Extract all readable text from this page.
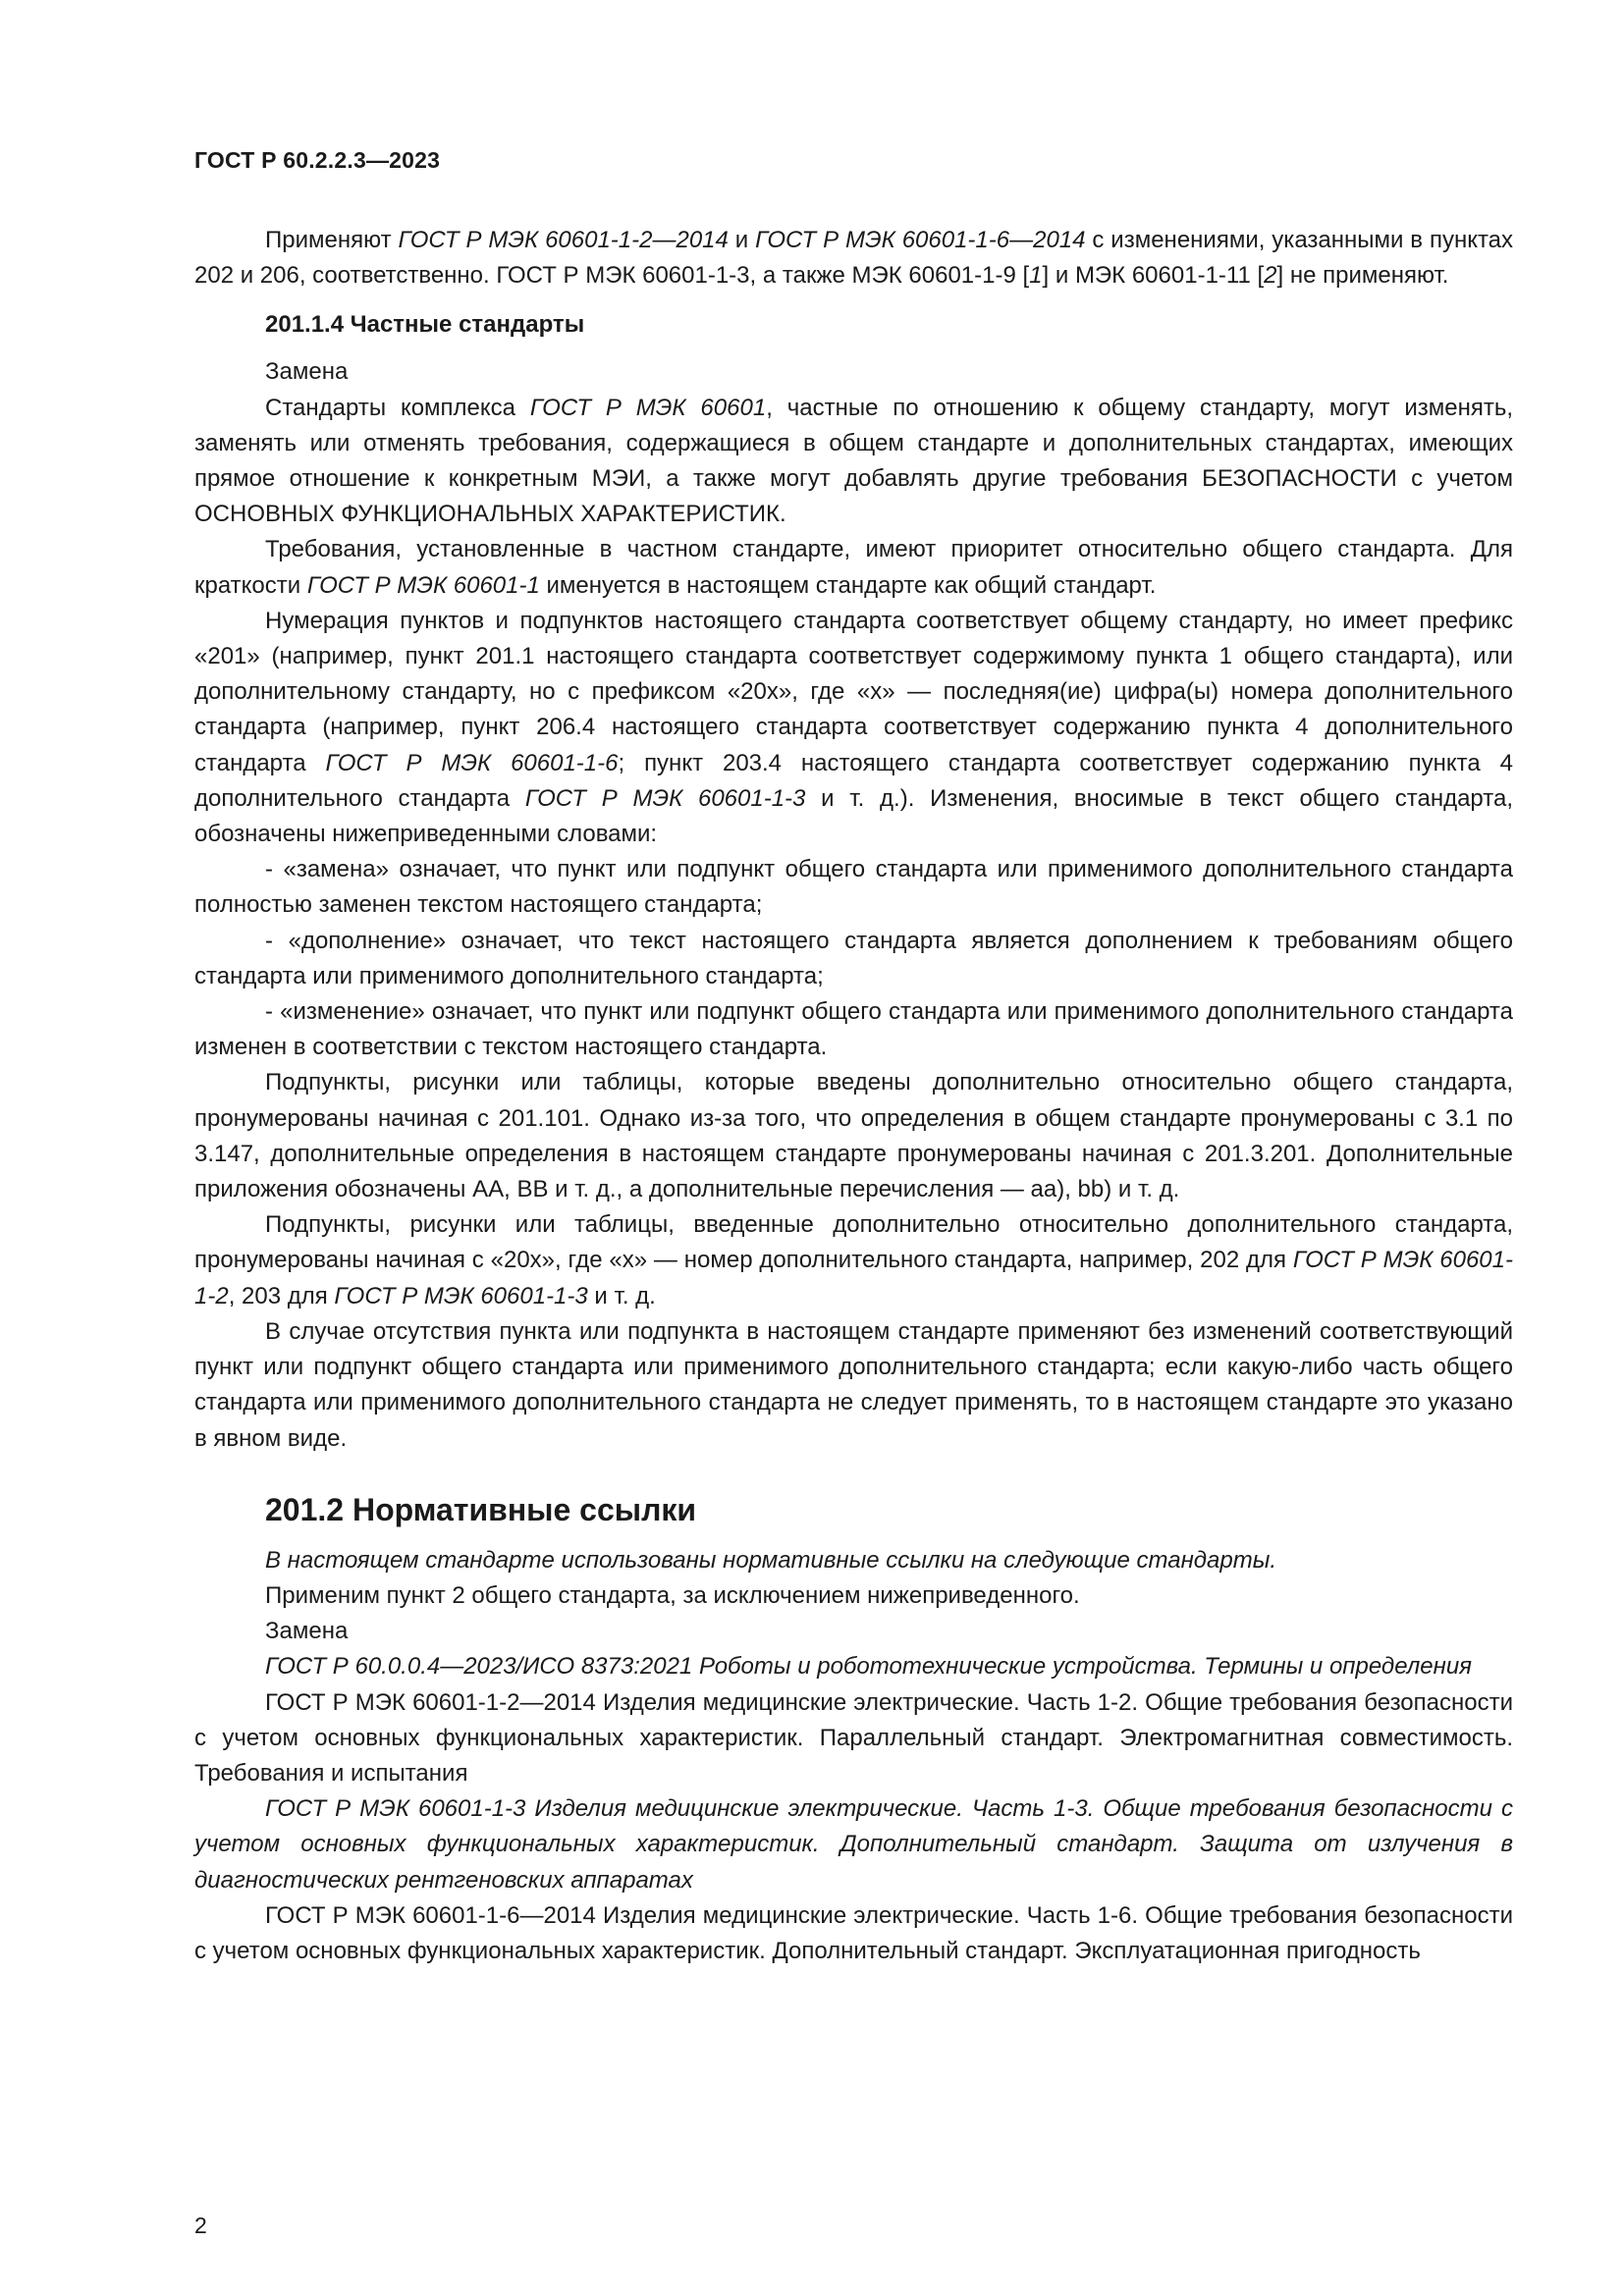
ГОСТ Р 60.2.2.3—2023

Применяют ГОСТ Р МЭК 60601-1-2—2014 и ГОСТ Р МЭК 60601-1-6—2014 с изменениями, указанными в пунктах 202 и 206, соответственно. ГОСТ Р МЭК 60601-1-3, а также МЭК 60601-1-9 [1] и МЭК 60601-1-11 [2] не применяют.

201.1.4 Частные стандарты

Замена

Стандарты комплекса ГОСТ Р МЭК 60601, частные по отношению к общему стандарту, могут изменять, заменять или отменять требования, содержащиеся в общем стандарте и дополнительных стандартах, имеющих прямое отношение к конкретным МЭИ, а также могут добавлять другие требования БЕЗОПАСНОСТИ с учетом ОСНОВНЫХ ФУНКЦИОНАЛЬНЫХ ХАРАКТЕРИСТИК.

Требования, установленные в частном стандарте, имеют приоритет относительно общего стандарта. Для краткости ГОСТ Р МЭК 60601-1 именуется в настоящем стандарте как общий стандарт.

Нумерация пунктов и подпунктов настоящего стандарта соответствует общему стандарту, но имеет префикс «201» (например, пункт 201.1 настоящего стандарта соответствует содержимому пункта 1 общего стандарта), или дополнительному стандарту, но с префиксом «20х», где «х» — последняя(ие) цифра(ы) номера дополнительного стандарта (например, пункт 206.4 настоящего стандарта соответствует содержанию пункта 4 дополнительного стандарта ГОСТ Р МЭК 60601-1-6; пункт 203.4 настоящего стандарта соответствует содержанию пункта 4 дополнительного стандарта ГОСТ Р МЭК 60601-1-3 и т. д.). Изменения, вносимые в текст общего стандарта, обозначены нижеприведенными словами:

- «замена» означает, что пункт или подпункт общего стандарта или применимого дополнительного стандарта полностью заменен текстом настоящего стандарта;

- «дополнение» означает, что текст настоящего стандарта является дополнением к требованиям общего стандарта или применимого дополнительного стандарта;

- «изменение» означает, что пункт или подпункт общего стандарта или применимого дополнительного стандарта изменен в соответствии с текстом настоящего стандарта.

Подпункты, рисунки или таблицы, которые введены дополнительно относительно общего стандарта, пронумерованы начиная с 201.101. Однако из-за того, что определения в общем стандарте пронумерованы с 3.1 по 3.147, дополнительные определения в настоящем стандарте пронумерованы начиная с 201.3.201. Дополнительные приложения обозначены АА, ВВ и т. д., а дополнительные перечисления — аа), bb) и т. д.

Подпункты, рисунки или таблицы, введенные дополнительно относительно дополнительного стандарта, пронумерованы начиная с «20х», где «х» — номер дополнительного стандарта, например, 202 для ГОСТ Р МЭК 60601-1-2, 203 для ГОСТ Р МЭК 60601-1-3 и т. д.

В случае отсутствия пункта или подпункта в настоящем стандарте применяют без изменений соответствующий пункт или подпункт общего стандарта или применимого дополнительного стандарта; если какую-либо часть общего стандарта или применимого дополнительного стандарта не следует применять, то в настоящем стандарте это указано в явном виде.

201.2 Нормативные ссылки

В настоящем стандарте использованы нормативные ссылки на следующие стандарты.

Применим пункт 2 общего стандарта, за исключением нижеприведенного.

Замена

ГОСТ Р 60.0.0.4—2023/ИСО 8373:2021 Роботы и робототехнические устройства. Термины и определения

ГОСТ Р МЭК 60601-1-2—2014 Изделия медицинские электрические. Часть 1-2. Общие требования безопасности с учетом основных функциональных характеристик. Параллельный стандарт. Электромагнитная совместимость. Требования и испытания

ГОСТ Р МЭК 60601-1-3 Изделия медицинские электрические. Часть 1-3. Общие требования безопасности с учетом основных функциональных характеристик. Дополнительный стандарт. Защита от излучения в диагностических рентгеновских аппаратах

ГОСТ Р МЭК 60601-1-6—2014 Изделия медицинские электрические. Часть 1-6. Общие требования безопасности с учетом основных функциональных характеристик. Дополнительный стандарт. Эксплуатационная пригодность

2
